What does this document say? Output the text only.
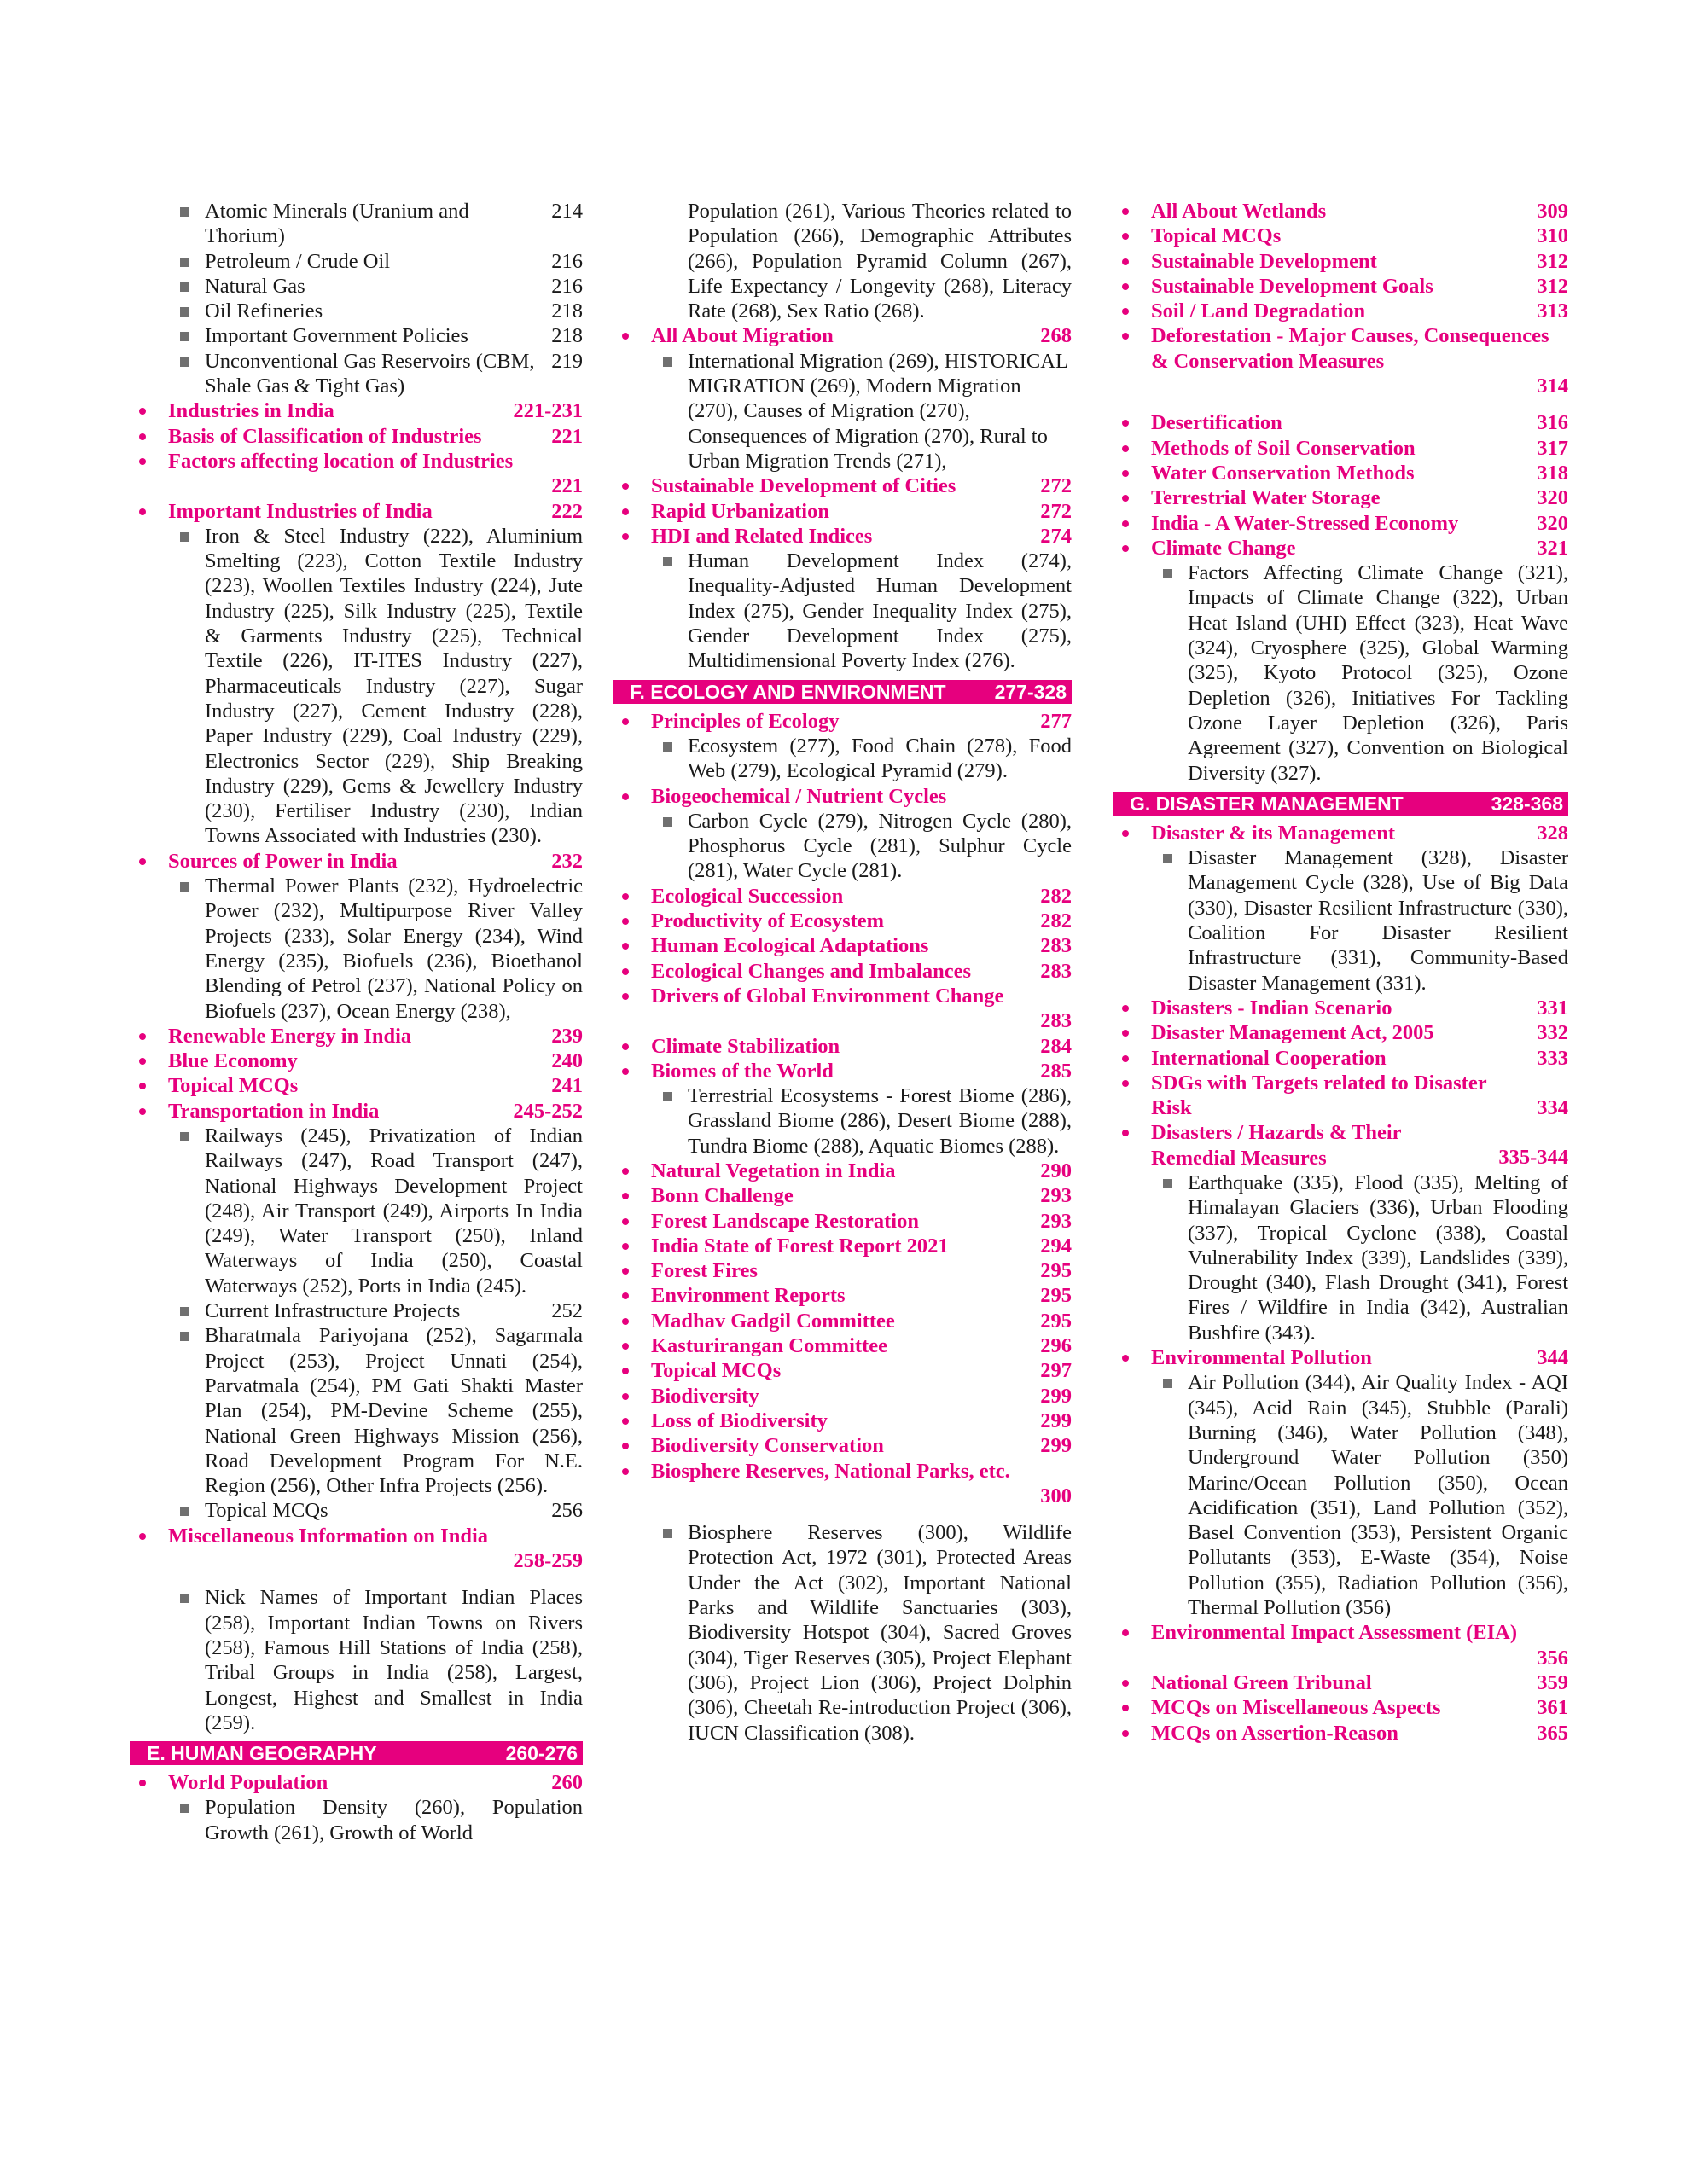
214
Atomic Minerals (Uranium and Thorium)
216
Petroleum / Crude Oil
216
Natural Gas
218
Oil Refineries
218
Important Government Policies
219
Unconventional Gas Reservoirs (CBM, Shale Gas & Tight Gas)
221-231
Industries in India
221
Basis of Classification of Industries
Factors affecting location of Industries
221
222
Important Industries of India
Iron & Steel Industry (222), Aluminium Smelting (223), Cotton Textile Industry (223), Woollen Textiles Industry (224), Jute Industry (225), Silk Industry (225), Textile & Garments Industry (225), Technical Textile (226), IT-ITES Industry (227), Pharmaceuticals Industry (227), Sugar Industry (227), Cement Industry (228), Paper Industry (229), Coal Industry (229), Electronics Sector (229), Ship Breaking Industry (229), Gems & Jewellery Industry (230), Fertiliser Industry (230), Indian Towns Associated with Industries (230).
232
Sources of Power in India
Thermal Power Plants (232), Hydroelectric Power (232), Multipurpose River Valley Projects (233), Solar Energy (234), Wind Energy (235), Biofuels (236), Bioethanol Blending of Petrol (237), National Policy on Biofuels (237), Ocean Energy (238),
239
Renewable Energy in India
240
Blue Economy
241
Topical MCQs
245-252
Transportation in India
Railways (245), Privatization of Indian Railways (247), Road Transport (247), National Highways Development Project (248), Air Transport (249), Airports In India (249), Water Transport (250), Inland Waterways of India (250), Coastal Waterways (252), Ports in India (245).
252
Current Infrastructure Projects
Bharatmala Pariyojana (252), Sagarmala Project (253), Project Unnati (254), Parvatmala (254), PM Gati Shakti Master Plan (254), PM-Devine Scheme (255), National Green Highways Mission (256), Road Development Program For N.E. Region (256), Other Infra Projects (256).
256
Topical MCQs
Miscellaneous Information on India
258-259
Nick Names of Important Indian Places (258), Important Indian Towns on Rivers (258), Famous Hill Stations of India (258), Tribal Groups in India (258), Largest, Longest, Highest and Smallest in India (259).
E. HUMAN GEOGRAPHY	260-276
260
World Population
Population Density (260), Population Growth (261), Growth of World
Population (261), Various Theories related to Population (266), Demographic Attributes (266), Population Pyramid Column (267), Life Expectancy / Longevity (268), Literacy Rate (268), Sex Ratio (268).
268
All About Migration
International Migration (269), HISTORICAL MIGRATION (269), Modern Migration (270), Causes of Migration (270), Consequences of Migration (270), Rural to Urban Migration Trends (271),
272
Sustainable Development of Cities
272
Rapid Urbanization
274
HDI and Related Indices
Human Development Index (274), Inequality-Adjusted Human Development Index (275), Gender Inequality Index (275), Gender Development Index (275), Multidimensional Poverty Index (276).
F. ECOLOGY AND ENVIRONMENT 277-328
277
Principles of Ecology
Ecosystem (277), Food Chain (278), Food Web (279), Ecological Pyramid (279).
Biogeochemical / Nutrient Cycles
Carbon Cycle (279), Nitrogen Cycle (280), Phosphorus Cycle (281), Sulphur Cycle (281), Water Cycle (281).
282
Ecological Succession
282
Productivity of Ecosystem
283
Human Ecological Adaptations
283
Ecological Changes and Imbalances
Drivers of Global Environment Change
283
284
Climate Stabilization
285
Biomes of the World
Terrestrial Ecosystems - Forest Biome (286), Grassland Biome (286), Desert Biome (288), Tundra Biome (288), Aquatic Biomes (288).
290
Natural Vegetation in India
293
Bonn Challenge
293
Forest Landscape Restoration
294
India State of Forest Report 2021
295
Forest Fires
295
Environment Reports
295
Madhav Gadgil Committee
296
Kasturirangan Committee
297
Topical MCQs
299
Biodiversity
299
Loss of Biodiversity
299
Biodiversity Conservation
Biosphere Reserves, National Parks, etc.
300
Biosphere Reserves (300), Wildlife Protection Act, 1972 (301), Protected Areas Under the Act (302), Important National Parks and Wildlife Sanctuaries (303), Biodiversity Hotspot (304), Sacred Groves (304), Tiger Reserves (305), Project Elephant (306), Project Lion (306), Project Dolphin (306), Cheetah Re-introduction Project (306), IUCN Classification (308).
309
All About Wetlands
310
Topical MCQs
312
Sustainable Development
312
Sustainable Development Goals
313
Soil / Land Degradation
Deforestation - Major Causes, Consequences & Conservation Measures
314
316
Desertification
317
Methods of Soil Conservation
318
Water Conservation Methods
320
Terrestrial Water Storage
320
India - A Water-Stressed Economy
321
Climate Change
Factors Affecting Climate Change (321), Impacts of Climate Change (322), Urban Heat Island (UHI) Effect (323), Heat Wave (324), Cryosphere (325), Global Warming (325), Kyoto Protocol (325), Ozone Depletion (326), Initiatives For Tackling Ozone Layer Depletion (326), Paris Agreement (327), Convention on Biological Diversity (327).
G. DISASTER MANAGEMENT	328-368
328
Disaster & its Management
Disaster Management (328), Disaster Management Cycle (328), Use of Big Data (330), Disaster Resilient Infrastructure (330), Coalition For Disaster Resilient Infrastructure (331), Community-Based Disaster Management (331).
331
Disasters - Indian Scenario
332
Disaster Management Act, 2005
333
International Cooperation
334
SDGs with Targets related to Disaster Risk
335-344
Disasters / Hazards & Their Remedial Measures
Earthquake (335), Flood (335), Melting of Himalayan Glaciers (336), Urban Flooding (337), Tropical Cyclone (338), Coastal Vulnerability Index (339), Landslides (339), Drought (340), Flash Drought (341), Forest Fires / Wildfire in India (342), Australian Bushfire (343).
344
Environmental Pollution
Air Pollution (344), Air Quality Index - AQI (345), Acid Rain (345), Stubble (Parali) Burning (346), Water Pollution (348), Underground Water Pollution (350) Marine/Ocean Pollution (350), Ocean Acidification (351), Land Pollution (352), Basel Convention (353), Persistent Organic Pollutants (353), E-Waste (354), Noise Pollution (355), Radiation Pollution (356), Thermal Pollution (356)
Environmental Impact Assessment (EIA)
356
359
National Green Tribunal
361
MCQs on Miscellaneous Aspects
365
MCQs on Assertion-Reason
